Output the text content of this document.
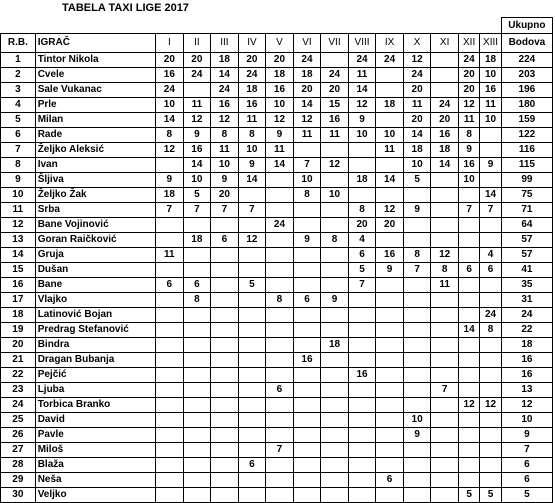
TABELA TAXI LIGE 2017
															Ukupno
R.B.	IGRAČ	I	II	III	IV	V	VI	VII	VIII	IX	X	XI	XII	XIII	Bodova
1	Tintor Nikola	20	20	18	20	20	24		24	24	12		24	18	224
2	Cvele	16	24	14	24	18	18	24	11		24		20	10	203
3	Sale Vukanac	24		24	18	16	20	20	14		20		20	16	196
4	Prle	10	11	16	16	10	14	15	12	18	11	24	12	11	180
5	Milan	14	12	12	11	12	12	16	9		20	20	11	10	159
6	Rade	8	9	8	8	9	11	11	10	10	14	16	8		122
7	Željko Aleksić	12	16	11	10	11				11	18	18	9		116
8	Ivan		14	10	9	14	7	12			10	14	16	9	115
9	Šljiva	9	10	9	14		10		18	14	5		10		99
10	Željko Žak	18	5	20			8	10						14	75
11	Srba	7	7	7	7				8	12	9		7	7	71
12	Bane Vojinović					24			20	20					64
13	Goran Raičković		18	6	12		9	8	4						57
14	Gruja	11							6	16	8	12		4	57
15	Dušan								5	9	7	8	6	6	41
16	Bane	6	6		5				7			11			35
17	Vlajko		8			8	6	9							31
18	Latinović Bojan													24	24
19	Predrag Stefanović												14	8	22
20	Bindra							18							18
21	Dragan Bubanja						16								16
22	Pejčić								16						16
23	Ljuba					6						7			13
24	Torbica Branko												12	12	12
25	David										10				10
26	Pavle										9				9
27	Miloš					7									7
28	Blaža				6										6
29	Neša									6					6
30	Veljko												5	5	5
